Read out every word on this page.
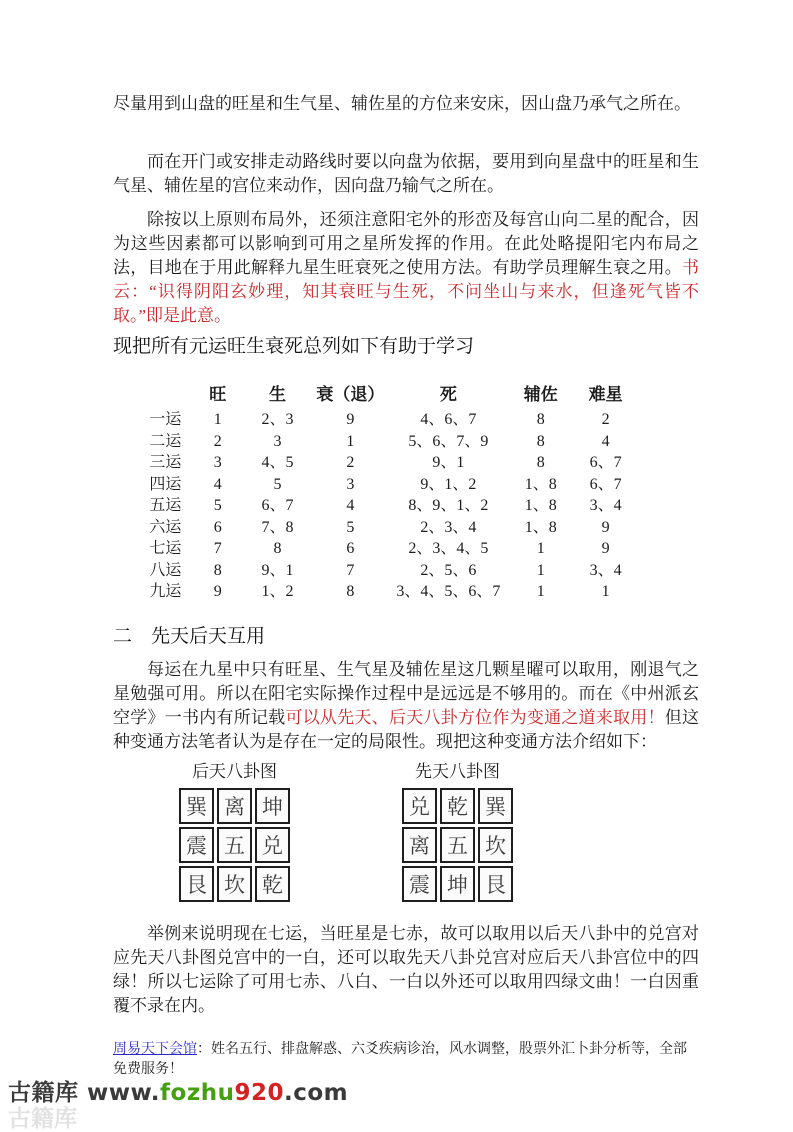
尽量用到山盘的旺星和生气星、辅佐星的方位来安床，因山盘乃承气之所在。
而在开门或安排走动路线时要以向盘为依据，要用到向星盘中的旺星和生气星、辅佐星的宫位来动作，因向盘乃输气之所在。
除按以上原则布局外，还须注意阳宅外的形峦及每宫山向二星的配合，因为这些因素都可以影响到可用之星所发挥的作用。在此处略提阳宅内布局之法，目地在于用此解释九星生旺衰死之使用方法。有助学员理解生衰之用。书云：“识得阴阳玄妙理，知其衰旺与生死，不问坐山与来水，但逢死气皆不取。”即是此意。
现把所有元运旺生衰死总列如下有助于学习
	旺	生	衰（退）	死	辅佐	难星
一运	1	2、3	9	4、6、7	8	2
二运	2	3	1	5、6、7、9	8	4
三运	3	4、5	2	9、1	8	6、7
四运	4	5	3	9、1、2	1、8	6、7
五运	5	6、7	4	8、9、1、2	1、8	3、4
六运	6	7、8	5	2、3、4	1、8	9
七运	7	8	6	2、3、4、5	1	9
八运	8	9、1	7	2、5、6	1	3、4
九运	9	1、2	8	3、4、5、6、7	1	1
二　先天后天互用
每运在九星中只有旺星、生气星及辅佐星这几颗星曜可以取用，刚退气之星勉强可用。所以在阳宅实际操作过程中是远远是不够用的。而在《中州派玄空学》一书内有所记载可以从先天、后天八卦方位作为变通之道来取用！但这种变通方法笔者认为是存在一定的局限性。现把这种变通方法介绍如下：
后天八卦图
巽 离 坤
震 五 兑
艮 坎 乾
先天八卦图
兑 乾 巽
离 五 坎
震 坤 艮
举例来说明现在七运，当旺星是七赤，故可以取用以后天八卦中的兑宫对应先天八卦图兑宫中的一白，还可以取先天八卦兑宫对应后天八卦宫位中的四绿！所以七运除了可用七赤、八白、一白以外还可以取用四绿文曲！一白因重覆不录在内。
周易天下会馆：姓名五行、排盘解惑、六爻疾病诊治，风水调整，股票外汇卜卦分析等，全部免费服务！
古籍库 www.fozhu920.com
古籍库
